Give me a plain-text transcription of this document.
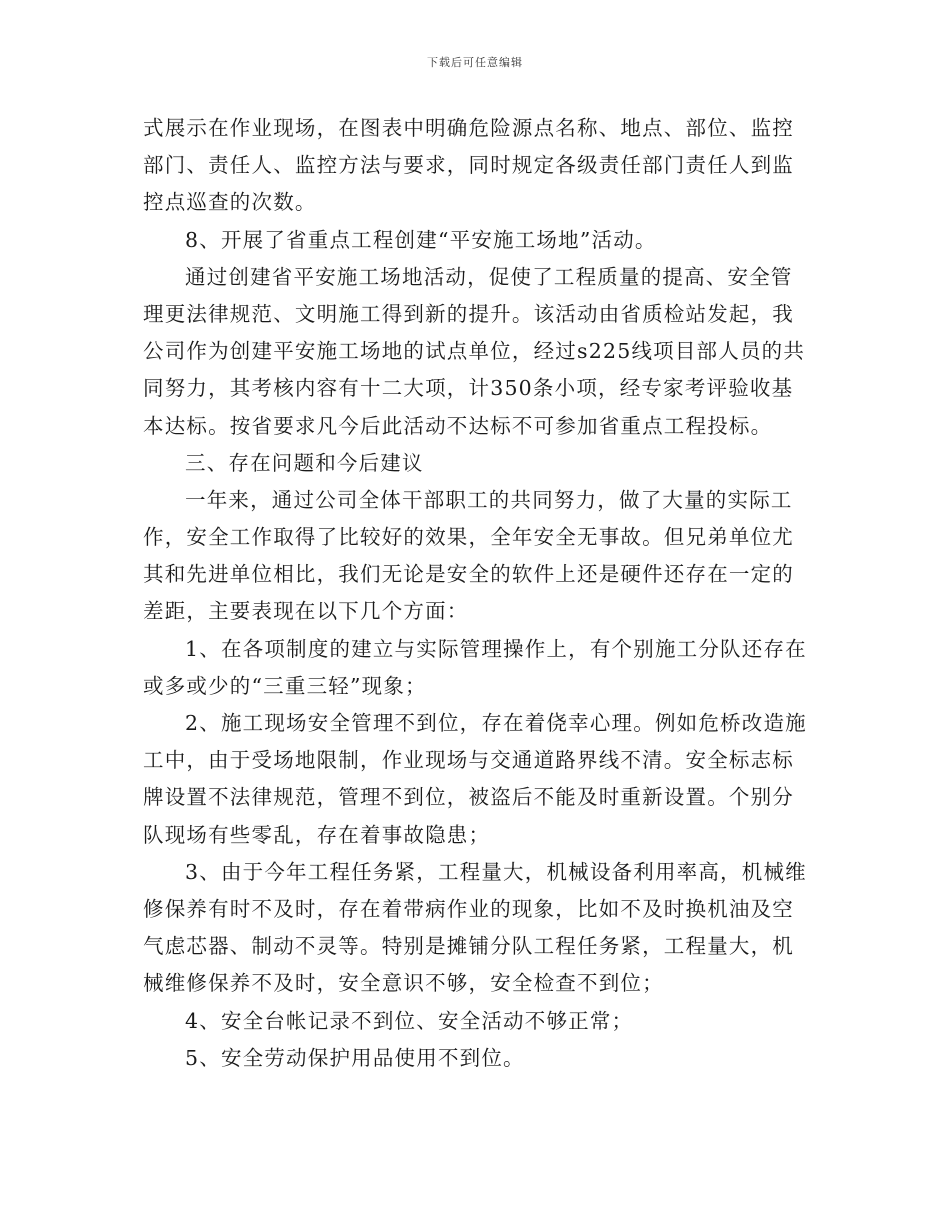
下载后可任意编辑
式展示在作业现场，在图表中明确危险源点名称、地点、部位、监控
部门、责任人、监控方法与要求，同时规定各级责任部门责任人到监
控点巡查的次数。
8、开展了省重点工程创建“平安施工场地”活动。
通过创建省平安施工场地活动，促使了工程质量的提高、安全管
理更法律规范、文明施工得到新的提升。该活动由省质检站发起，我
公司作为创建平安施工场地的试点单位，经过s225线项目部人员的共
同努力，其考核内容有十二大项，计350条小项，经专家考评验收基
本达标。按省要求凡今后此活动不达标不可参加省重点工程投标。
三、存在问题和今后建议
一年来，通过公司全体干部职工的共同努力，做了大量的实际工
作，安全工作取得了比较好的效果，全年安全无事故。但兄弟单位尤
其和先进单位相比，我们无论是安全的软件上还是硬件还存在一定的
差距，主要表现在以下几个方面：
1、在各项制度的建立与实际管理操作上，有个别施工分队还存在
或多或少的“三重三轻”现象；
2、施工现场安全管理不到位，存在着侥幸心理。例如危桥改造施
工中，由于受场地限制，作业现场与交通道路界线不清。安全标志标
牌设置不法律规范，管理不到位，被盗后不能及时重新设置。个别分
队现场有些零乱，存在着事故隐患；
3、由于今年工程任务紧，工程量大，机械设备利用率高，机械维
修保养有时不及时，存在着带病作业的现象，比如不及时换机油及空
气虑芯器、制动不灵等。特别是摊铺分队工程任务紧，工程量大，机
械维修保养不及时，安全意识不够，安全检查不到位；
4、安全台帐记录不到位、安全活动不够正常；
5、安全劳动保护用品使用不到位。
